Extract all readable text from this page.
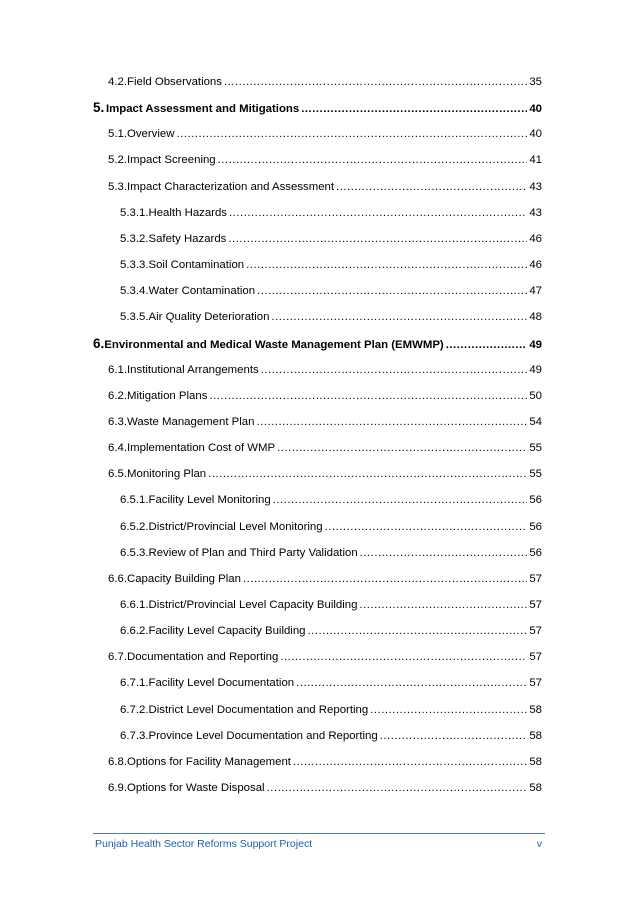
4.2. Field Observations .....	35
5. Impact Assessment and Mitigations .....	40
5.1. Overview .....	40
5.2. Impact Screening .....	41
5.3. Impact Characterization and Assessment .....	43
5.3.1. Health Hazards .....	43
5.3.2. Safety Hazards .....	46
5.3.3. Soil Contamination .....	46
5.3.4. Water Contamination .....	47
5.3.5. Air Quality Deterioration .....	48
6. Environmental and Medical Waste Management Plan (EMWMP) .....	49
6.1. Institutional Arrangements .....	49
6.2. Mitigation Plans .....	50
6.3. Waste Management Plan .....	54
6.4. Implementation Cost of WMP .....	55
6.5. Monitoring Plan .....	55
6.5.1. Facility Level Monitoring .....	56
6.5.2. District/Provincial Level Monitoring .....	56
6.5.3. Review of Plan and Third Party Validation .....	56
6.6. Capacity Building Plan .....	57
6.6.1. District/Provincial Level Capacity Building .....	57
6.6.2. Facility Level Capacity Building .....	57
6.7. Documentation and Reporting .....	57
6.7.1. Facility Level Documentation .....	57
6.7.2. District Level Documentation and Reporting .....	58
6.7.3. Province Level Documentation and Reporting .....	58
6.8. Options for Facility Management .....	58
6.9. Options for Waste Disposal .....	58
Punjab Health Sector Reforms Support Project	v
